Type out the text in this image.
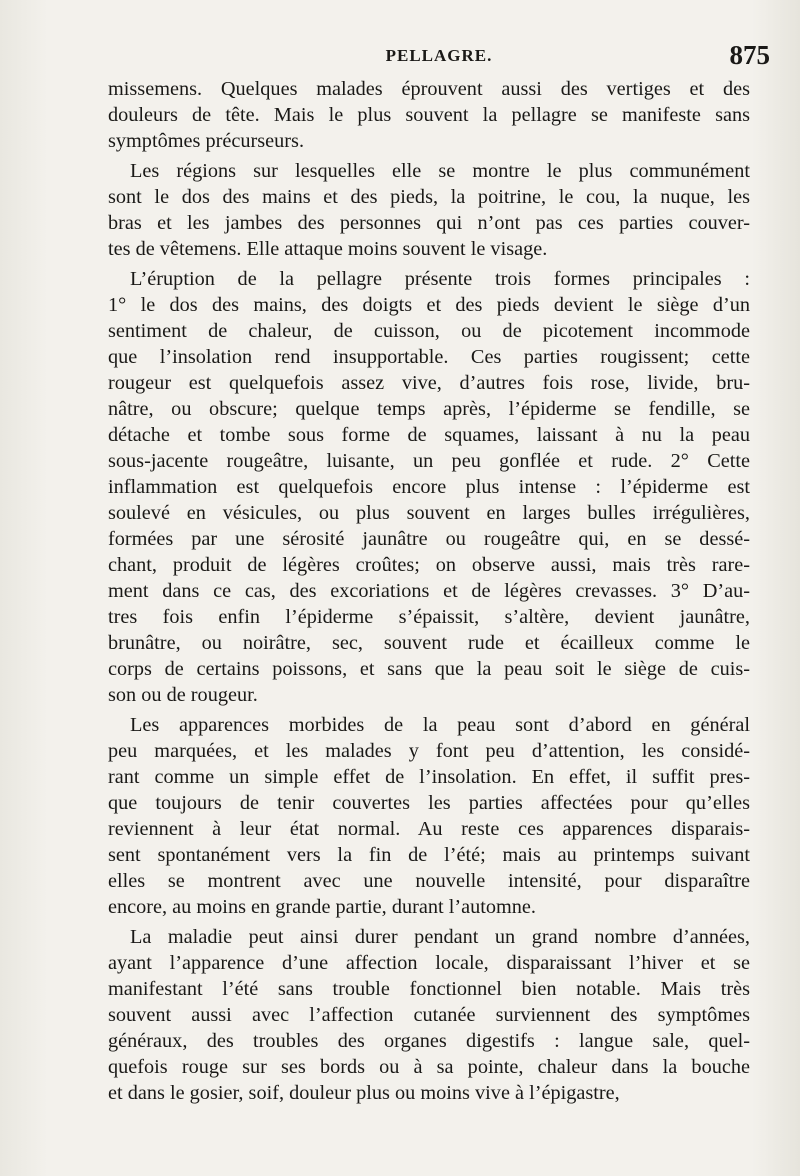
PELLAGRE.	875
missemens. Quelques malades éprouvent aussi des vertiges et des
douleurs de tête. Mais le plus souvent la pellagre se manifeste sans
symptômes précurseurs.
Les régions sur lesquelles elle se montre le plus communément
sont le dos des mains et des pieds, la poitrine, le cou, la nuque, les
bras et les jambes des personnes qui n’ont pas ces parties couver-
tes de vêtemens. Elle attaque moins souvent le visage.
L’éruption de la pellagre présente trois formes principales :
1° le dos des mains, des doigts et des pieds devient le siège d’un
sentiment de chaleur, de cuisson, ou de picotement incommode
que l’insolation rend insupportable. Ces parties rougissent; cette
rougeur est quelquefois assez vive, d’autres fois rose, livide, bru-
nâtre, ou obscure; quelque temps après, l’épiderme se fendille, se
détache et tombe sous forme de squames, laissant à nu la peau
sous-jacente rougeâtre, luisante, un peu gonflée et rude. 2° Cette
inflammation est quelquefois encore plus intense : l’épiderme est
soulevé en vésicules, ou plus souvent en larges bulles irrégulières,
formées par une sérosité jaunâtre ou rougeâtre qui, en se dessé-
chant, produit de légères croûtes; on observe aussi, mais très rare-
ment dans ce cas, des excoriations et de légères crevasses. 3° D’au-
tres fois enfin l’épiderme s’épaissit, s’altère, devient jaunâtre,
brunâtre, ou noirâtre, sec, souvent rude et écailleux comme le
corps de certains poissons, et sans que la peau soit le siège de cuis-
son ou de rougeur.
Les apparences morbides de la peau sont d’abord en général
peu marquées, et les malades y font peu d’attention, les considé-
rant comme un simple effet de l’insolation. En effet, il suffit pres-
que toujours de tenir couvertes les parties affectées pour qu’elles
reviennent à leur état normal. Au reste ces apparences disparais-
sent spontanément vers la fin de l’été; mais au printemps suivant
elles se montrent avec une nouvelle intensité, pour disparaître
encore, au moins en grande partie, durant l’automne.
La maladie peut ainsi durer pendant un grand nombre d’années,
ayant l’apparence d’une affection locale, disparaissant l’hiver et se
manifestant l’été sans trouble fonctionnel bien notable. Mais très
souvent aussi avec l’affection cutanée surviennent des symptômes
généraux, des troubles des organes digestifs : langue sale, quel-
quefois rouge sur ses bords ou à sa pointe, chaleur dans la bouche
et dans le gosier, soif, douleur plus ou moins vive à l’épigastre,
